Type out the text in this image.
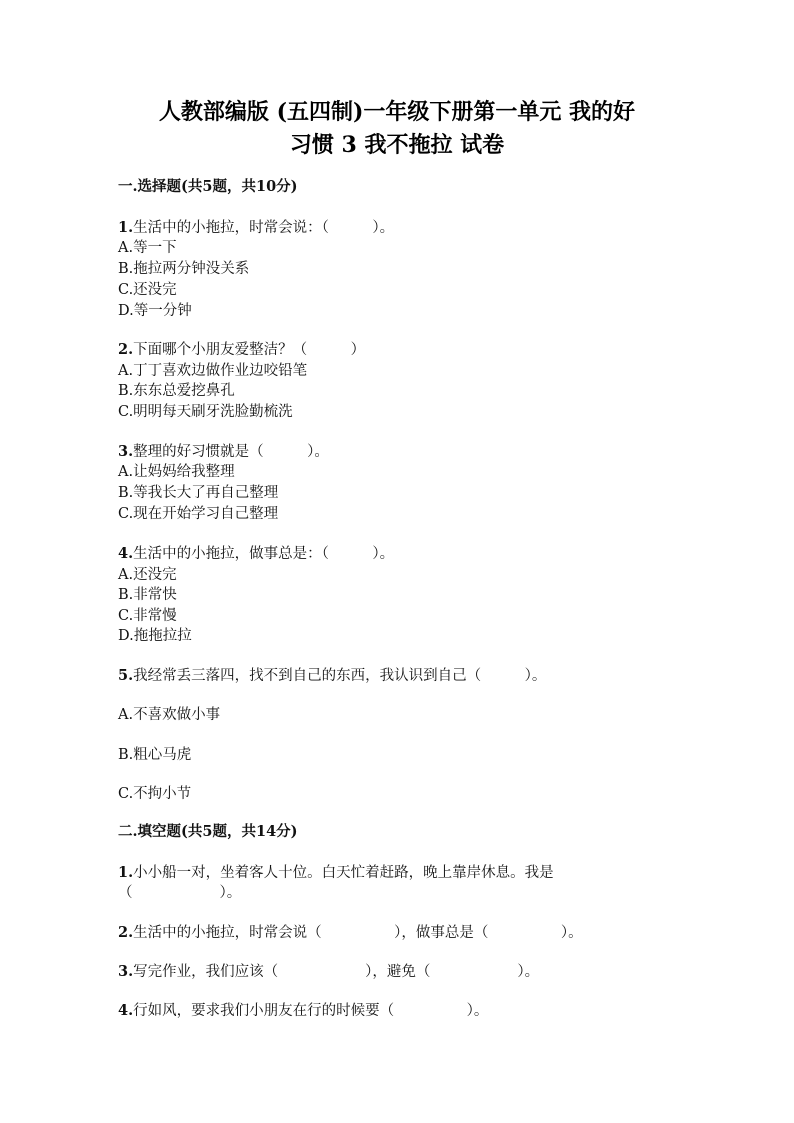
人教部编版 (五四制)一年级下册第一单元 我的好
习惯 3 我不拖拉 试卷
一.选择题(共5题，共10分)
1.生活中的小拖拉，时常会说：（　　　）。
A.等一下
B.拖拉两分钟没关系
C.还没完
D.等一分钟
2.下面哪个小朋友爱整洁？（　　　）
A.丁丁喜欢边做作业边咬铅笔
B.东东总爱挖鼻孔
C.明明每天刷牙洗脸勤梳洗
3.整理的好习惯就是（　　　）。
A.让妈妈给我整理
B.等我长大了再自己整理
C.现在开始学习自己整理
4.生活中的小拖拉，做事总是：（　　　）。
A.还没完
B.非常快
C.非常慢
D.拖拖拉拉
5.我经常丢三落四，找不到自己的东西，我认识到自己（　　　）。
A.不喜欢做小事
B.粗心马虎
C.不拘小节
二.填空题(共5题，共14分)
1.小小船一对，坐着客人十位。白天忙着赶路，晚上靠岸休息。我是
（　　　　　　）。
2.生活中的小拖拉，时常会说（　　　　　），做事总是（　　　　　）。
3.写完作业，我们应该（　　　　　　），避免（　　　　　　）。
4.行如风，要求我们小朋友在行的时候要（　　　　　）。
